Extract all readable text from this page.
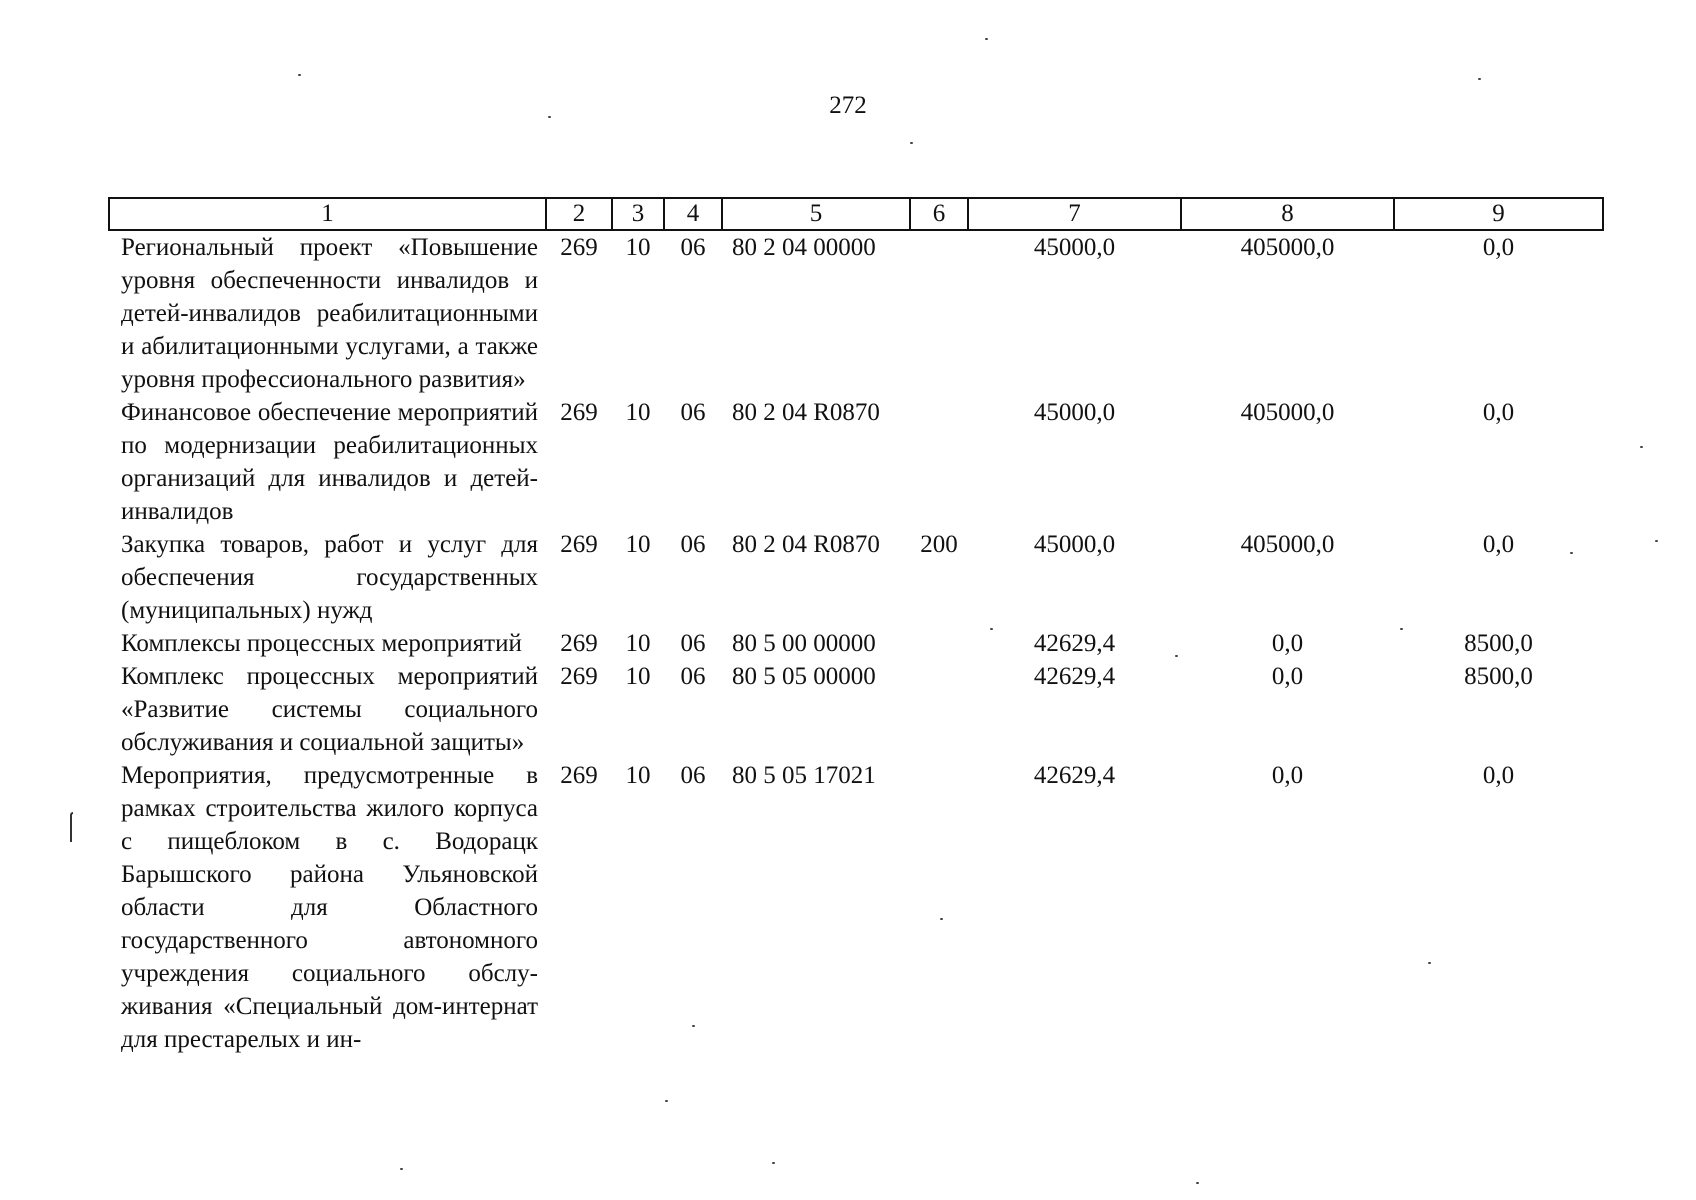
272
1	2	3	4	5	6	7	8	9
Региональный проект «Повышение уровня обеспеченности инвалидов и детей-инвалидов реабилитационными и абилитационными услугами, а также уровня профессионального развития»	269	10	06	80 2 04 00000		45000,0	405000,0	0,0
Финансовое обеспечение мероприятий по модернизации реабилитационных организаций для инвалидов и детей-инвалидов	269	10	06	80 2 04 R0870		45000,0	405000,0	0,0
Закупка товаров, работ и услуг для обеспечения государственных (муниципальных) нужд	269	10	06	80 2 04 R0870	200	45000,0	405000,0	0,0
Комплексы процессных мероприятий	269	10	06	80 5 00 00000		42629,4	0,0	8500,0
Комплекс процессных мероприятий «Развитие системы социального обслуживания и социальной защиты»	269	10	06	80 5 05 00000		42629,4	0,0	8500,0
Мероприятия, предусмотренные в рамках строительства жилого корпуса с пищеблоком в с. Водорацк Барышского района Ульяновской области для Областного государственного автономного учреждения социального обслуживания «Специальный дом-интернат для престарелых и ин-	269	10	06	80 5 05 17021		42629,4	0,0	0,0
